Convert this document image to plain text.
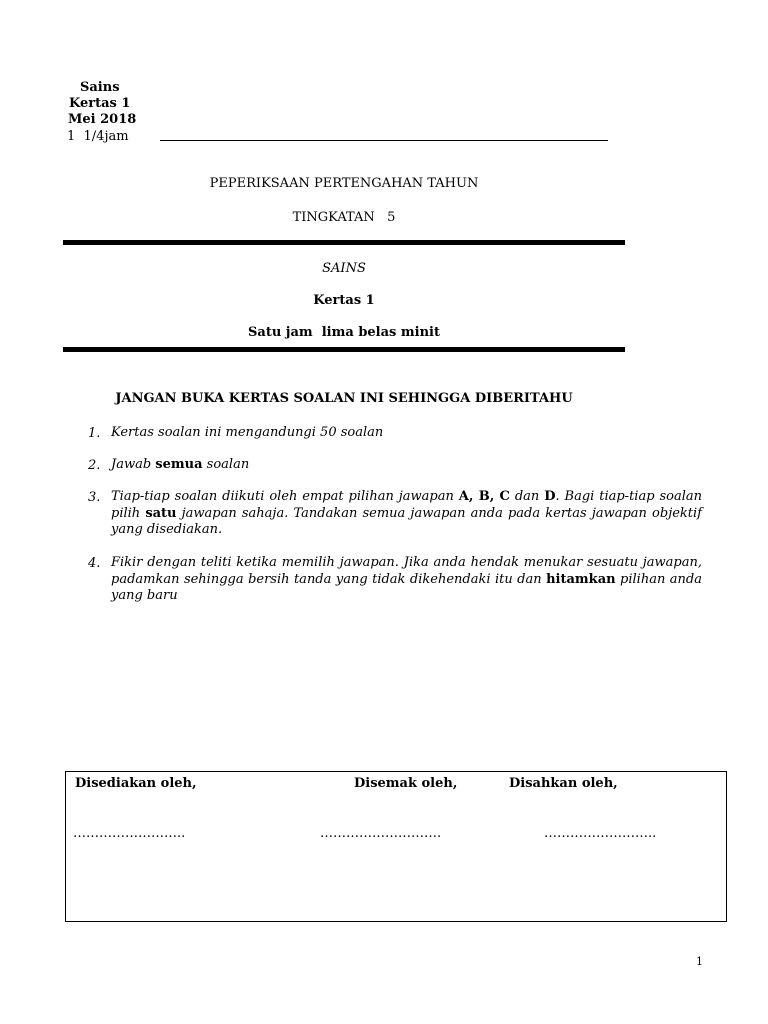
Sains
Kertas 1
Mei 2018
1  1/4jam
PEPERIKSAAN PERTENGAHAN TAHUN
TINGKATAN   5
SAINS
Kertas 1
Satu jam  lima belas minit
JANGAN BUKA KERTAS SOALAN INI SEHINGGA DIBERITAHU
1. Kertas soalan ini mengandungi 50 soalan
2. Jawab semua soalan
3. Tiap-tiap soalan diikuti oleh empat pilihan jawapan A, B, C dan D. Bagi tiap-tiap soalan pilih satu jawapan sahaja. Tandakan semua jawapan anda pada kertas jawapan objektif yang disediakan.
4. Fikir dengan teliti ketika memilih jawapan. Jika anda hendak menukar sesuatu jawapan, padamkan sehingga bersih tanda yang tidak dikehendaki itu dan hitamkan pilihan anda yang baru
Disediakan oleh,	Disemak oleh,	Disahkan oleh,
……………………..	……………………….	……………………..
1
